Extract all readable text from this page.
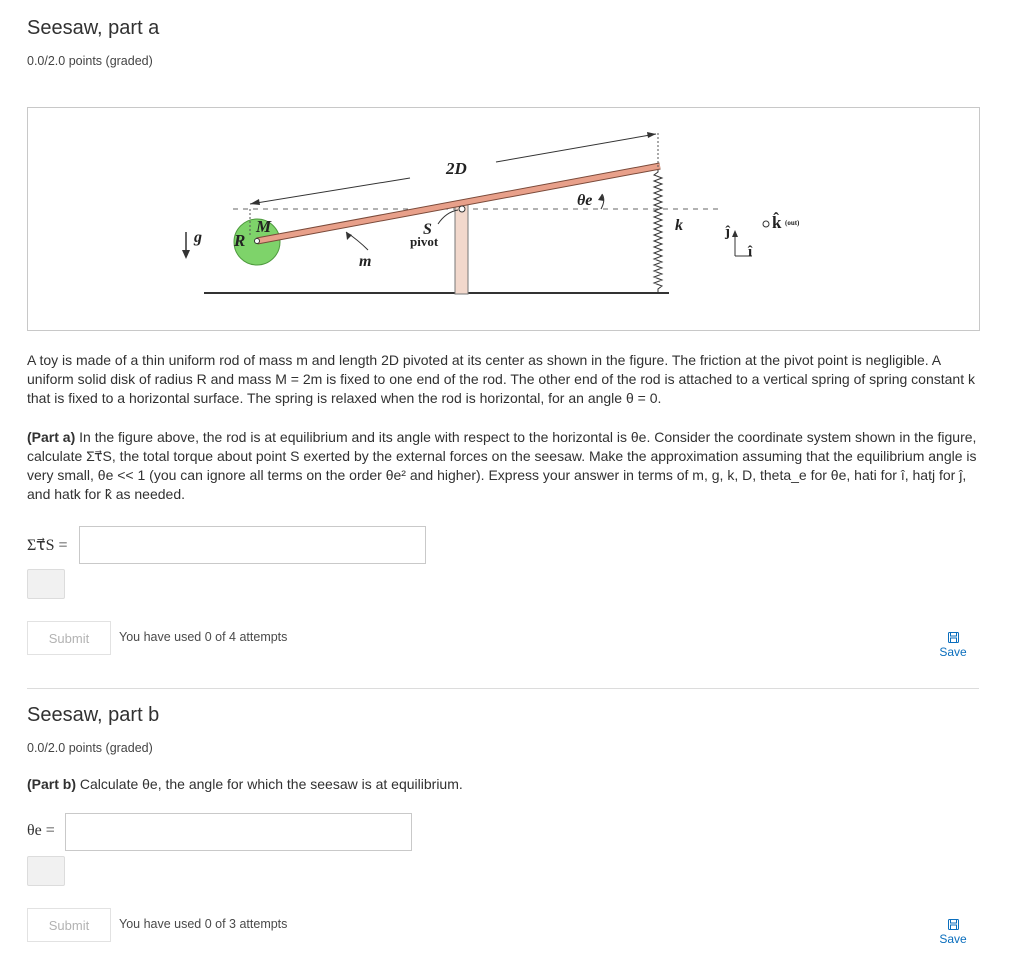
Seesaw, part a
0.0/2.0 points (graded)
g R
M
m
S
pivot
2D
θe
k	ĵ
î
k̂ (out)

A toy is made of a thin uniform rod of mass m and length 2D pivoted at its center as shown in the figure. The friction at the pivot point is negligible. A uniform solid disk of radius R and mass M = 2m is fixed to one end of the rod. The other end of the rod is attached to a vertical spring of spring constant k that is fixed to a horizontal surface. The spring is relaxed when the rod is horizontal, for an angle θ = 0.

(Part a) In the figure above, the rod is at equilibrium and its angle with respect to the horizontal is θe. Consider the coordinate system shown in the figure, calculate Στ⃗S, the total torque about point S exerted by the external forces on the seesaw. Make the approximation assuming that the equilibrium angle is very small, θe << 1 (you can ignore all terms on the order θe² and higher). Express your answer in terms of m, g, k, D, theta_e for θe, hati for î, hatj for ĵ, and hatk for k̂ as needed.

Στ⃗S =
Submit	You have used 0 of 4 attempts
Save
Seesaw, part b
0.0/2.0 points (graded)

(Part b) Calculate θe, the angle for which the seesaw is at equilibrium.

θe =
Submit	You have used 0 of 3 attempts
Save
